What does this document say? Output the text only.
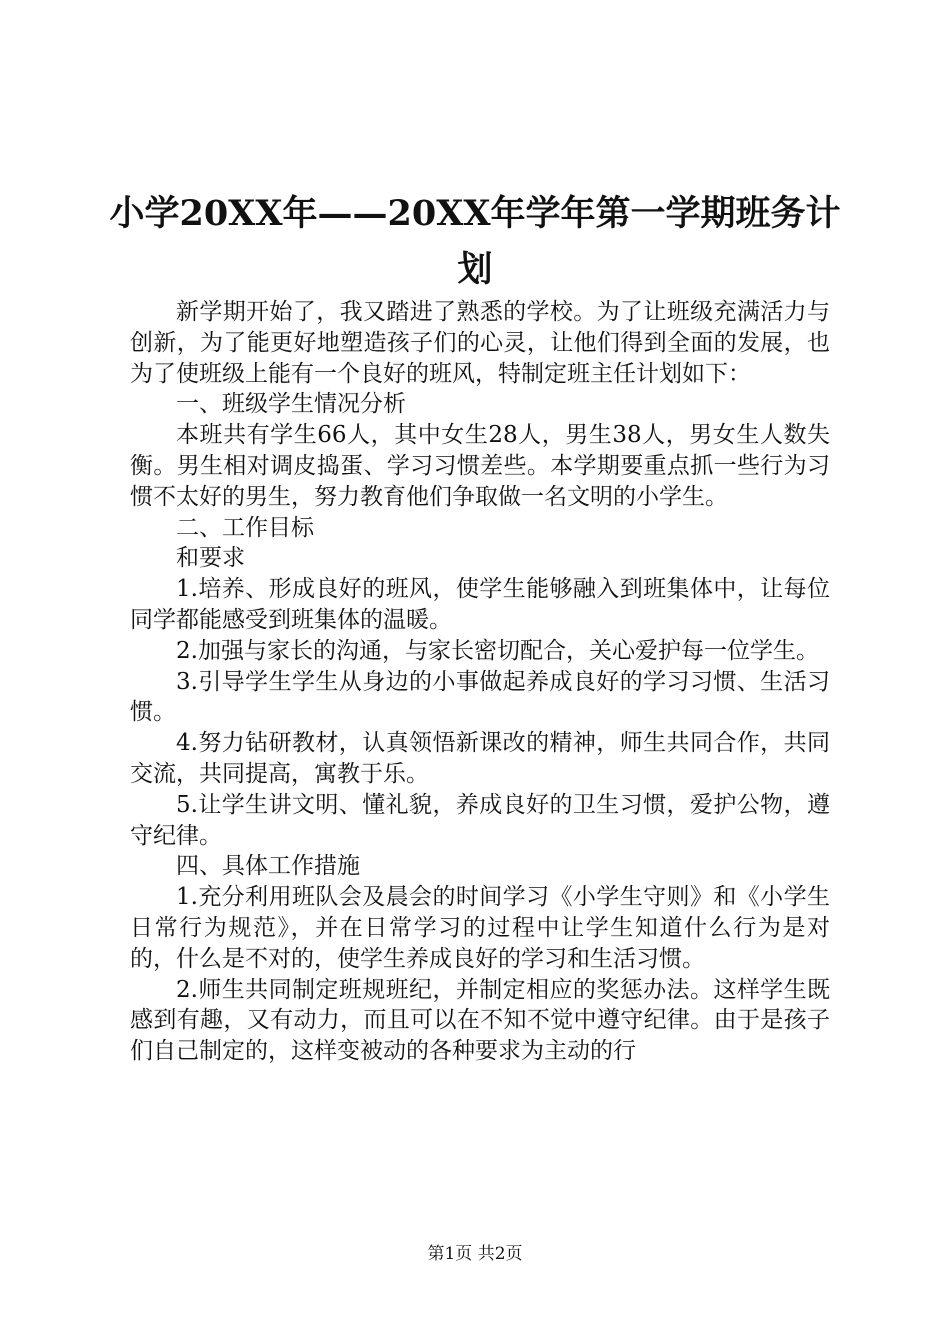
小学20XX年——20XX年学年第一学期班务计划

新学期开始了，我又踏进了熟悉的学校。为了让班级充满活力与创新，为了能更好地塑造孩子们的心灵，让他们得到全面的发展，也为了使班级上能有一个良好的班风，特制定班主任计划如下：

一、班级学生情况分析

本班共有学生66人，其中女生28人，男生38人，男女生人数失衡。男生相对调皮捣蛋、学习习惯差些。本学期要重点抓一些行为习惯不太好的男生，努力教育他们争取做一名文明的小学生。

二、工作目标

和要求

1.培养、形成良好的班风，使学生能够融入到班集体中，让每位同学都能感受到班集体的温暖。

2.加强与家长的沟通，与家长密切配合，关心爱护每一位学生。

3.引导学生学生从身边的小事做起养成良好的学习习惯、生活习惯。

4.努力钻研教材，认真领悟新课改的精神，师生共同合作，共同交流，共同提高，寓教于乐。

5.让学生讲文明、懂礼貌，养成良好的卫生习惯，爱护公物，遵守纪律。

四、具体工作措施

1.充分利用班队会及晨会的时间学习《小学生守则》和《小学生日常行为规范》，并在日常学习的过程中让学生知道什么行为是对的，什么是不对的，使学生养成良好的学习和生活习惯。

2.师生共同制定班规班纪，并制定相应的奖惩办法。这样学生既感到有趣，又有动力，而且可以在不知不觉中遵守纪律。由于是孩子们自己制定的，这样变被动的各种要求为主动的行

第1页 共2页
